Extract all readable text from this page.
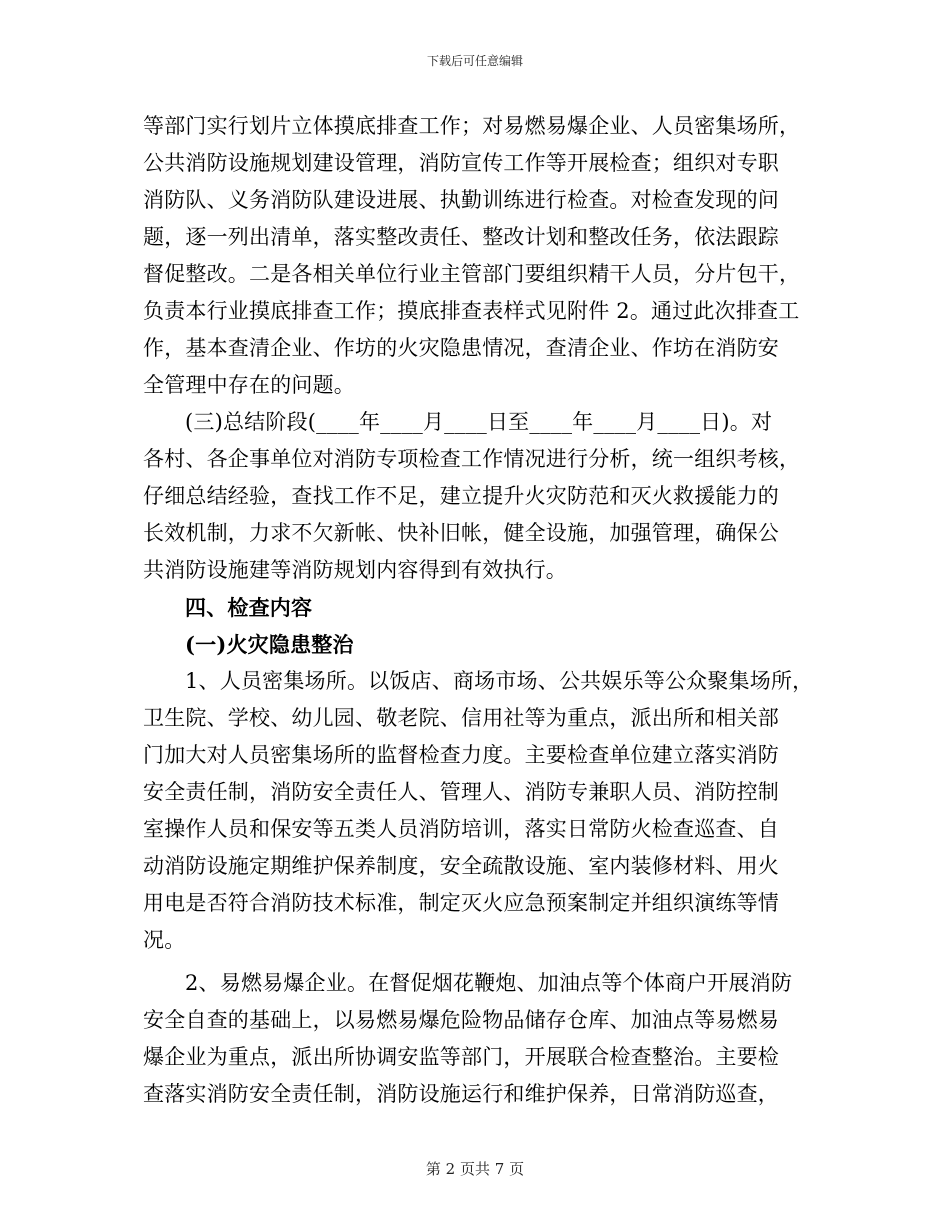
下载后可任意编辑
等部门实行划片立体摸底排查工作；对易燃易爆企业、人员密集场所，
公共消防设施规划建设管理，消防宣传工作等开展检查；组织对专职
消防队、义务消防队建设进展、执勤训练进行检查。对检查发现的问
题，逐一列出清单，落实整改责任、整改计划和整改任务，依法跟踪
督促整改。二是各相关单位行业主管部门要组织精干人员，分片包干，
负责本行业摸底排查工作；摸底排查表样式见附件 2。通过此次排查工
作，基本查清企业、作坊的火灾隐患情况，查清企业、作坊在消防安
全管理中存在的问题。
(三)总结阶段(____年____月____日至____年____月____日)。对
各村、各企事单位对消防专项检查工作情况进行分析，统一组织考核，
仔细总结经验，查找工作不足，建立提升火灾防范和灭火救援能力的
长效机制，力求不欠新帐、快补旧帐，健全设施，加强管理，确保公
共消防设施建等消防规划内容得到有效执行。
四、检查内容
(一)火灾隐患整治
1、人员密集场所。以饭店、商场市场、公共娱乐等公众聚集场所，
卫生院、学校、幼儿园、敬老院、信用社等为重点，派出所和相关部
门加大对人员密集场所的监督检查力度。主要检查单位建立落实消防
安全责任制，消防安全责任人、管理人、消防专兼职人员、消防控制
室操作人员和保安等五类人员消防培训，落实日常防火检查巡查、自
动消防设施定期维护保养制度，安全疏散设施、室内装修材料、用火
用电是否符合消防技术标准，制定灭火应急预案制定并组织演练等情
况。
2、易燃易爆企业。在督促烟花鞭炮、加油点等个体商户开展消防
安全自查的基础上，以易燃易爆危险物品储存仓库、加油点等易燃易
爆企业为重点，派出所协调安监等部门，开展联合检查整治。主要检
查落实消防安全责任制，消防设施运行和维护保养，日常消防巡查，
第 2 页共 7 页
